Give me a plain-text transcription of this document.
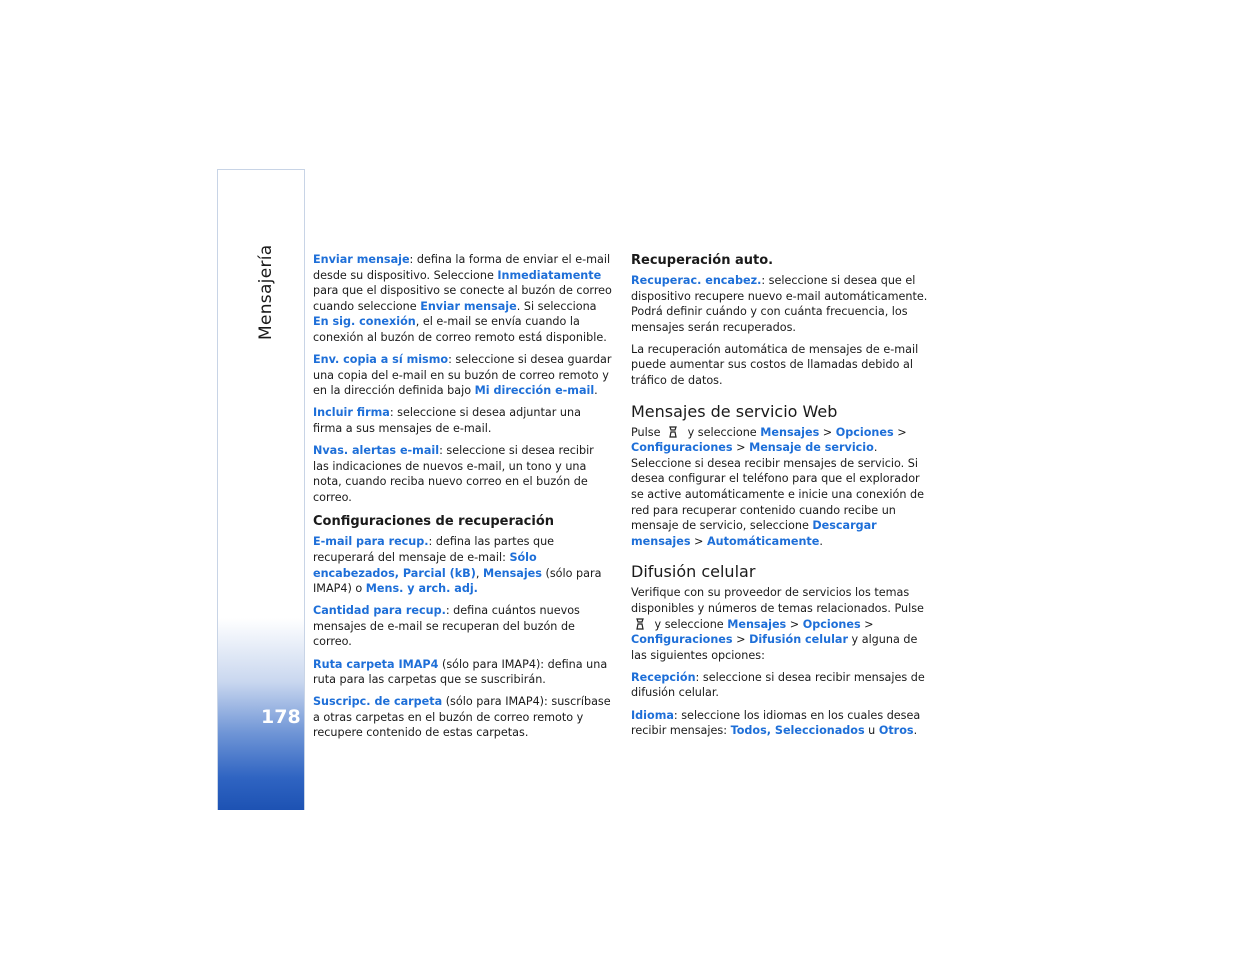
Mensajería
178

Enviar mensaje: defina la forma de enviar el e-mail desde su dispositivo. Seleccione Inmediatamente para que el dispositivo se conecte al buzón de correo cuando seleccione Enviar mensaje. Si selecciona En sig. conexión, el e-mail se envía cuando la conexión al buzón de correo remoto está disponible.

Env. copia a sí mismo: seleccione si desea guardar una copia del e-mail en su buzón de correo remoto y en la dirección definida bajo Mi dirección e-mail.

Incluir firma: seleccione si desea adjuntar una firma a sus mensajes de e-mail.

Nvas. alertas e-mail: seleccione si desea recibir las indicaciones de nuevos e-mail, un tono y una nota, cuando reciba nuevo correo en el buzón de correo.

Configuraciones de recuperación

E-mail para recup.: defina las partes que recuperará del mensaje de e-mail: Sólo encabezados, Parcial (kB), Mensajes (sólo para IMAP4) o Mens. y arch. adj.

Cantidad para recup.: defina cuántos nuevos mensajes de e-mail se recuperan del buzón de correo.

Ruta carpeta IMAP4 (sólo para IMAP4): defina una ruta para las carpetas que se suscribirán.

Suscripc. de carpeta (sólo para IMAP4): suscríbase a otras carpetas en el buzón de correo remoto y recupere contenido de estas carpetas.

Recuperación auto.

Recuperac. encabez.: seleccione si desea que el dispositivo recupere nuevo e-mail automáticamente. Podrá definir cuándo y con cuánta frecuencia, los mensajes serán recuperados.

La recuperación automática de mensajes de e-mail puede aumentar sus costos de llamadas debido al tráfico de datos.

Mensajes de servicio Web

Pulse  y seleccione Mensajes > Opciones > Configuraciones > Mensaje de servicio. Seleccione si desea recibir mensajes de servicio. Si desea configurar el teléfono para que el explorador se active automáticamente e inicie una conexión de red para recuperar contenido cuando recibe un mensaje de servicio, seleccione Descargar mensajes > Automáticamente.

Difusión celular

Verifique con su proveedor de servicios los temas disponibles y números de temas relacionados. Pulse  y seleccione Mensajes > Opciones > Configuraciones > Difusión celular y alguna de las siguientes opciones:

Recepción: seleccione si desea recibir mensajes de difusión celular.

Idioma: seleccione los idiomas en los cuales desea recibir mensajes: Todos, Seleccionados u Otros.
